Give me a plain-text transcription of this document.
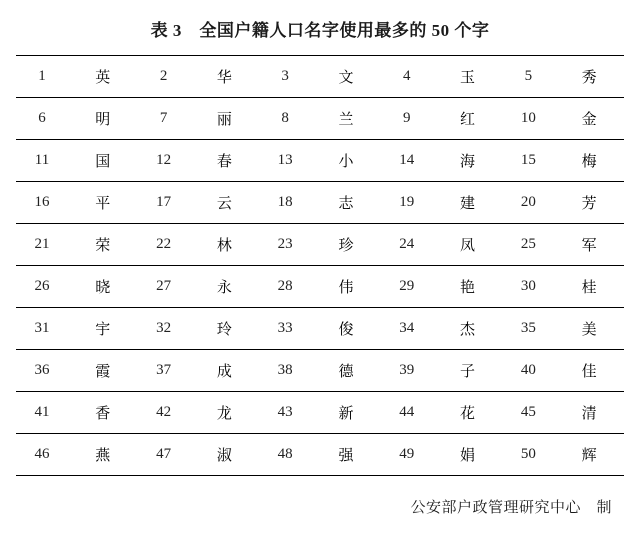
表 3　全国户籍人口名字使用最多的 50 个字
1	英	2	华	3	文	4	玉	5	秀
6	明	7	丽	8	兰	9	红	10	金
11	国	12	春	13	小	14	海	15	梅
16	平	17	云	18	志	19	建	20	芳
21	荣	22	林	23	珍	24	凤	25	军
26	晓	27	永	28	伟	29	艳	30	桂
31	宇	32	玲	33	俊	34	杰	35	美
36	霞	37	成	38	德	39	子	40	佳
41	香	42	龙	43	新	44	花	45	清
46	燕	47	淑	48	强	49	娟	50	辉
公安部户政管理研究中心　制
